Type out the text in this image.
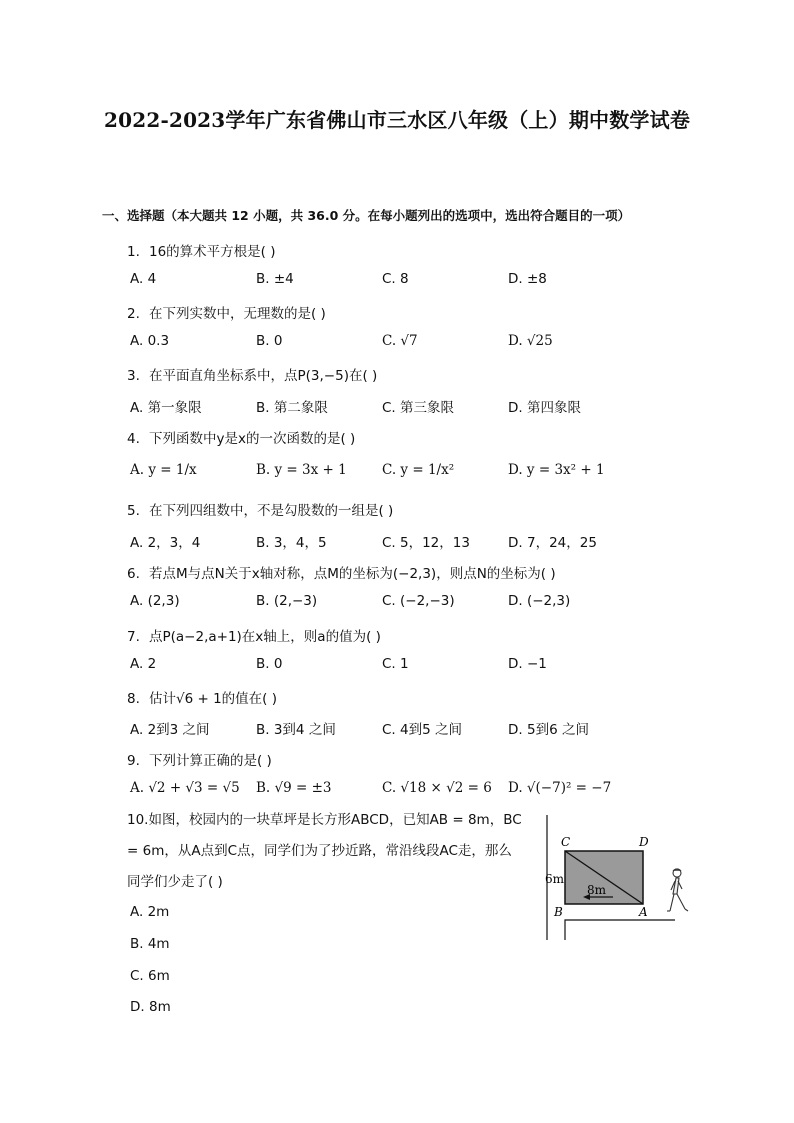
2022-2023学年广东省佛山市三水区八年级（上）期中数学试卷
一、选择题（本大题共 12 小题，共 36.0 分。在每小题列出的选项中，选出符合题目的一项）
1. 16的算术平方根是( )
A. 4	B. ±4	C. 8	D. ±8
2. 在下列实数中，无理数的是( )
A. 0.3	B. 0	C. √7	D. √25
3. 在平面直角坐标系中，点P(3,−5)在( )
A. 第一象限	B. 第二象限	C. 第三象限	D. 第四象限
4. 下列函数中y是x的一次函数的是( )
A. y = 1/x	B. y = 3x + 1	C. y = 1/x²	D. y = 3x² + 1
5. 在下列四组数中，不是勾股数的一组是( )
A. 2，3，4	B. 3，4，5	C. 5，12，13	D. 7，24，25
6. 若点M与点N关于x轴对称，点M的坐标为(−2,3)，则点N的坐标为( )
A. (2,3)	B. (2,−3)	C. (−2,−3)	D. (−2,3)
7. 点P(a−2,a+1)在x轴上，则a的值为( )
A. 2	B. 0	C. 1	D. −1
8. 估计√6 + 1的值在( )
A. 2到3 之间	B. 3到4 之间	C. 4到5 之间	D. 5到6 之间
9. 下列计算正确的是( )
A. √2 + √3 = √5 B. √9 = ±3	C. √18 × √2 = 6 D. √(−7)² = −7
10.如图，校园内的一块草坪是长方形ABCD，已知AB = 8m，BC
= 6m，从A点到C点，同学们为了抄近路，常沿线段AC走，那么
同学们少走了( )
A. 2m
B. 4m
C. 6m
D. 8m
C	D
B	A
6m
8m
